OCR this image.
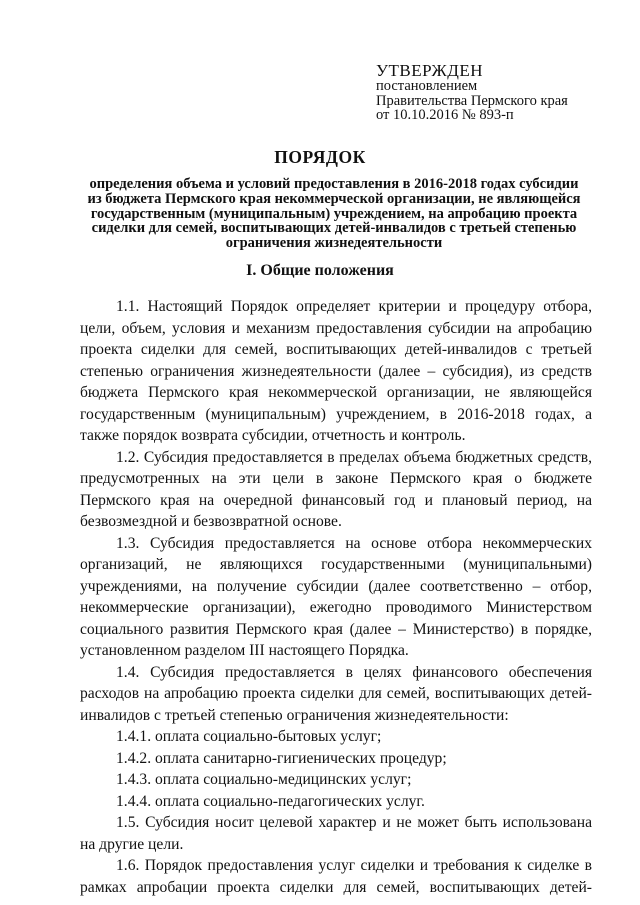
УТВЕРЖДЕН
постановлением
Правительства Пермского края
от 10.10.2016 № 893-п
ПОРЯДОК
определения объема и условий предоставления в 2016-2018 годах субсидии из бюджета Пермского края некоммерческой организации, не являющейся государственным (муниципальным) учреждением, на апробацию проекта сиделки для семей, воспитывающих детей-инвалидов с третьей степенью ограничения жизнедеятельности
I. Общие положения

1.1. Настоящий Порядок определяет критерии и процедуру отбора, цели, объем, условия и механизм предоставления субсидии на апробацию проекта сиделки для семей, воспитывающих детей-инвалидов с третьей степенью ограничения жизнедеятельности (далее – субсидия), из средств бюджета Пермского края некоммерческой организации, не являющейся государственным (муниципальным) учреждением, в 2016-2018 годах, а также порядок возврата субсидии, отчетность и контроль.

1.2. Субсидия предоставляется в пределах объема бюджетных средств, предусмотренных на эти цели в законе Пермского края о бюджете Пермского края на очередной финансовый год и плановый период, на безвозмездной и безвозвратной основе.

1.3. Субсидия предоставляется на основе отбора некоммерческих организаций, не являющихся государственными (муниципальными) учреждениями, на получение субсидии (далее соответственно – отбор, некоммерческие организации), ежегодно проводимого Министерством социального развития Пермского края (далее – Министерство) в порядке, установленном разделом III настоящего Порядка.

1.4. Субсидия предоставляется в целях финансового обеспечения расходов на апробацию проекта сиделки для семей, воспитывающих детей-инвалидов с третьей степенью ограничения жизнедеятельности:

1.4.1. оплата социально-бытовых услуг;

1.4.2. оплата санитарно-гигиенических процедур;

1.4.3. оплата социально-медицинских услуг;

1.4.4. оплата социально-педагогических услуг.

1.5. Субсидия носит целевой характер и не может быть использована на другие цели.

1.6. Порядок предоставления услуг сиделки и требования к сиделке в рамках апробации проекта сиделки для семей, воспитывающих детей-
